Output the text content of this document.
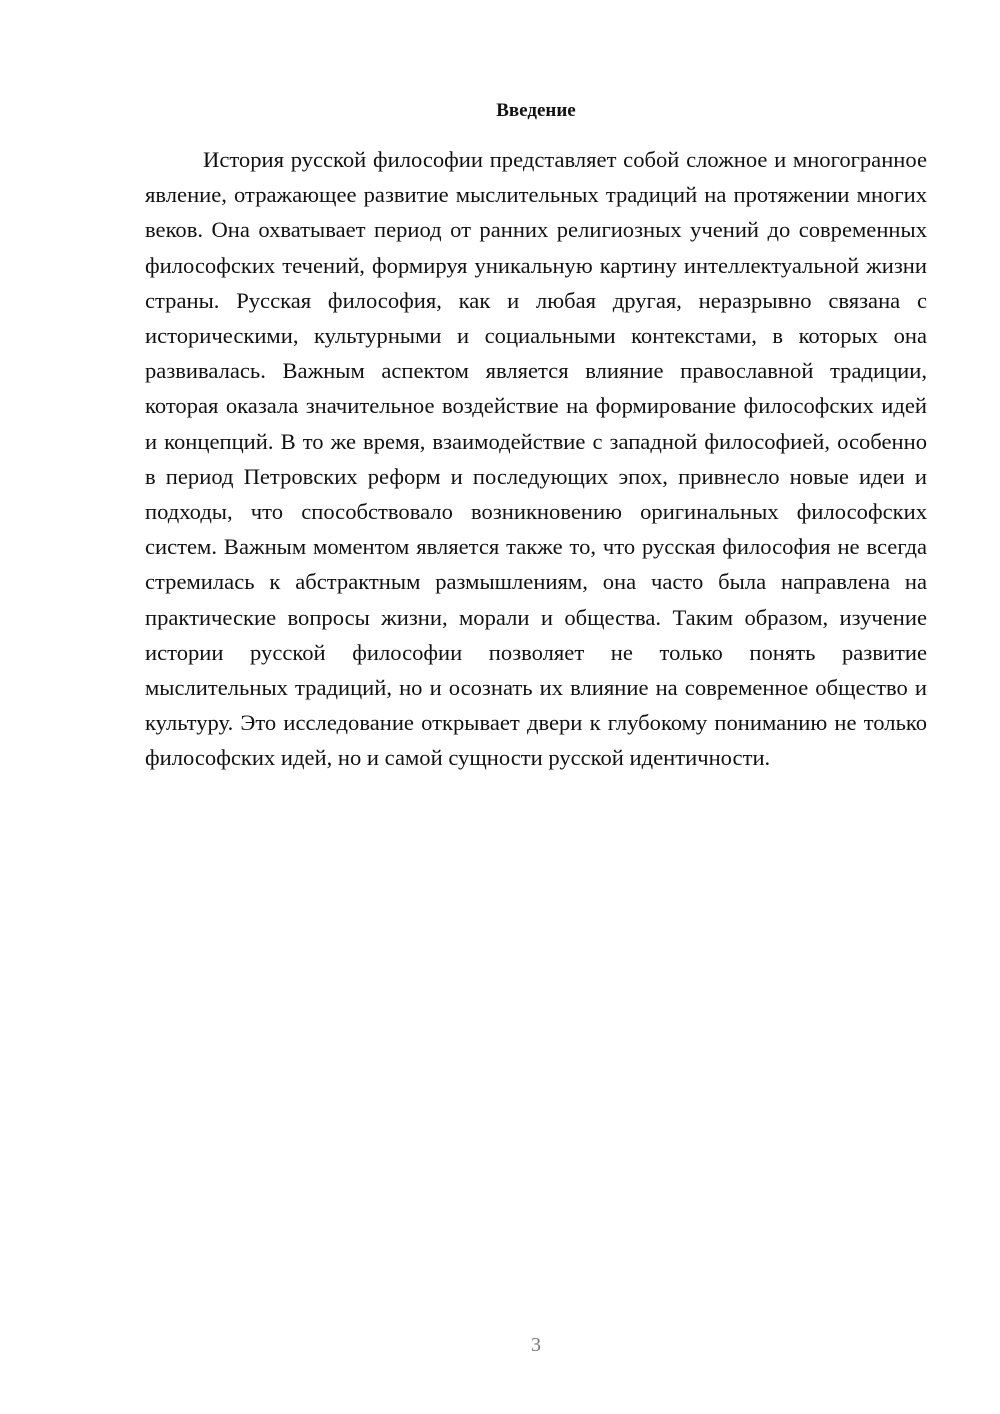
Введение

История русской философии представляет собой сложное и многогранное явление, отражающее развитие мыслительных традиций на протяжении многих веков. Она охватывает период от ранних религиозных учений до современных философских течений, формируя уникальную картину интеллектуальной жизни страны. Русская философия, как и любая другая, неразрывно связана с историческими, культурными и социальными контекстами, в которых она развивалась. Важным аспектом является влияние православной традиции, которая оказала значительное воздействие на формирование философских идей и концепций. В то же время, взаимодействие с западной философией, особенно в период Петровских реформ и последующих эпох, привнесло новые идеи и подходы, что способствовало возникновению оригинальных философских систем. Важным моментом является также то, что русская философия не всегда стремилась к абстрактным размышлениям, она часто была направлена на практические вопросы жизни, морали и общества. Таким образом, изучение истории русской философии позволяет не только понять развитие мыслительных традиций, но и осознать их влияние на современное общество и культуру. Это исследование открывает двери к глубокому пониманию не только философских идей, но и самой сущности русской идентичности.

3
